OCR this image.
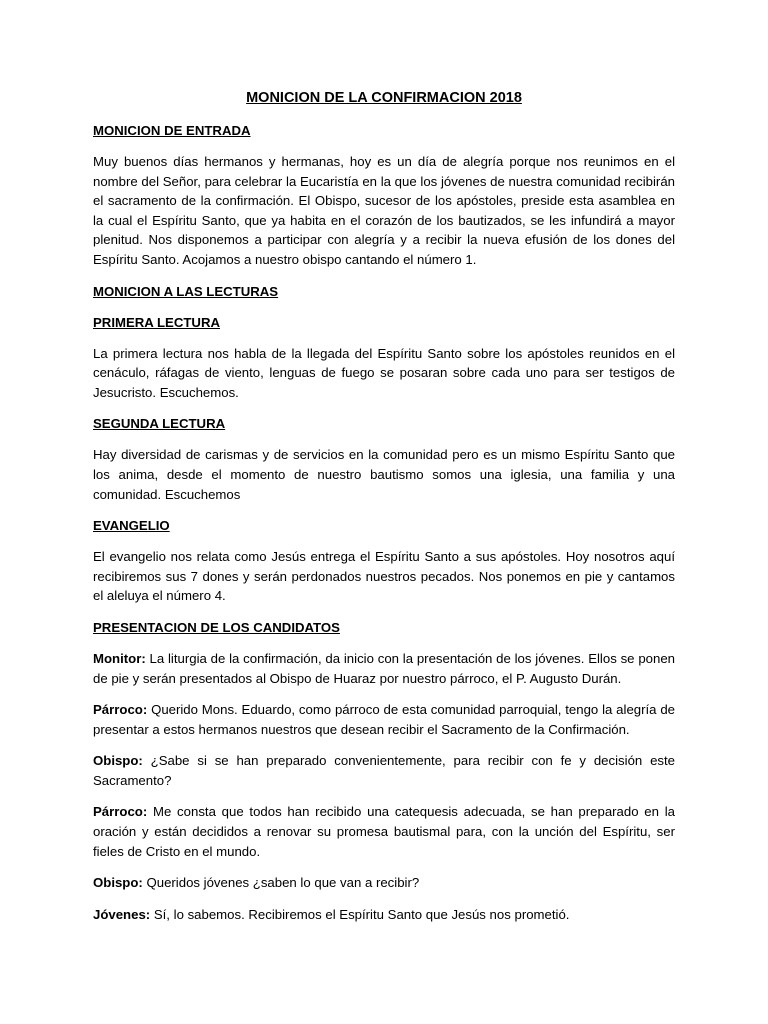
MONICION DE LA CONFIRMACION 2018
MONICION DE ENTRADA

Muy buenos días hermanos y hermanas, hoy es un día de alegría porque nos reunimos en el nombre del Señor, para celebrar la Eucaristía en la que los jóvenes de nuestra comunidad recibirán el sacramento de la confirmación. El Obispo, sucesor de los apóstoles, preside esta asamblea en la cual el Espíritu Santo, que ya habita en el corazón de los bautizados, se les infundirá a mayor plenitud. Nos disponemos a participar con alegría y a recibir la nueva efusión de los dones del Espíritu Santo. Acojamos a nuestro obispo cantando el número 1.

MONICION A LAS LECTURAS
PRIMERA LECTURA

La primera lectura nos habla de la llegada del Espíritu Santo sobre los apóstoles reunidos en el cenáculo, ráfagas de viento, lenguas de fuego se posaran sobre cada uno para ser testigos de Jesucristo. Escuchemos.

SEGUNDA LECTURA

Hay diversidad de carismas y de servicios en la comunidad pero es un mismo Espíritu Santo que los anima, desde el momento de nuestro bautismo somos una iglesia, una familia y una comunidad. Escuchemos

EVANGELIO

El evangelio nos relata como Jesús entrega el Espíritu Santo a sus apóstoles. Hoy nosotros aquí recibiremos sus 7 dones y serán perdonados nuestros pecados. Nos ponemos en pie y cantamos el aleluya el número 4.

PRESENTACION DE LOS CANDIDATOS

Monitor: La liturgia de la confirmación, da inicio con la presentación de los jóvenes. Ellos se ponen de pie y serán presentados al Obispo de Huaraz por nuestro párroco, el P. Augusto Durán.

Párroco: Querido Mons. Eduardo, como párroco de esta comunidad parroquial, tengo la alegría de presentar a estos hermanos nuestros que desean recibir el Sacramento de la Confirmación.

Obispo: ¿Sabe si se han preparado convenientemente, para recibir con fe y decisión este Sacramento?

Párroco: Me consta que todos han recibido una catequesis adecuada, se han preparado en la oración y están decididos a renovar su promesa bautismal para, con la unción del Espíritu, ser fieles de Cristo en el mundo.

Obispo: Queridos jóvenes ¿saben lo que van a recibir?

Jóvenes: Sí, lo sabemos. Recibiremos el Espíritu Santo que Jesús nos prometió.
